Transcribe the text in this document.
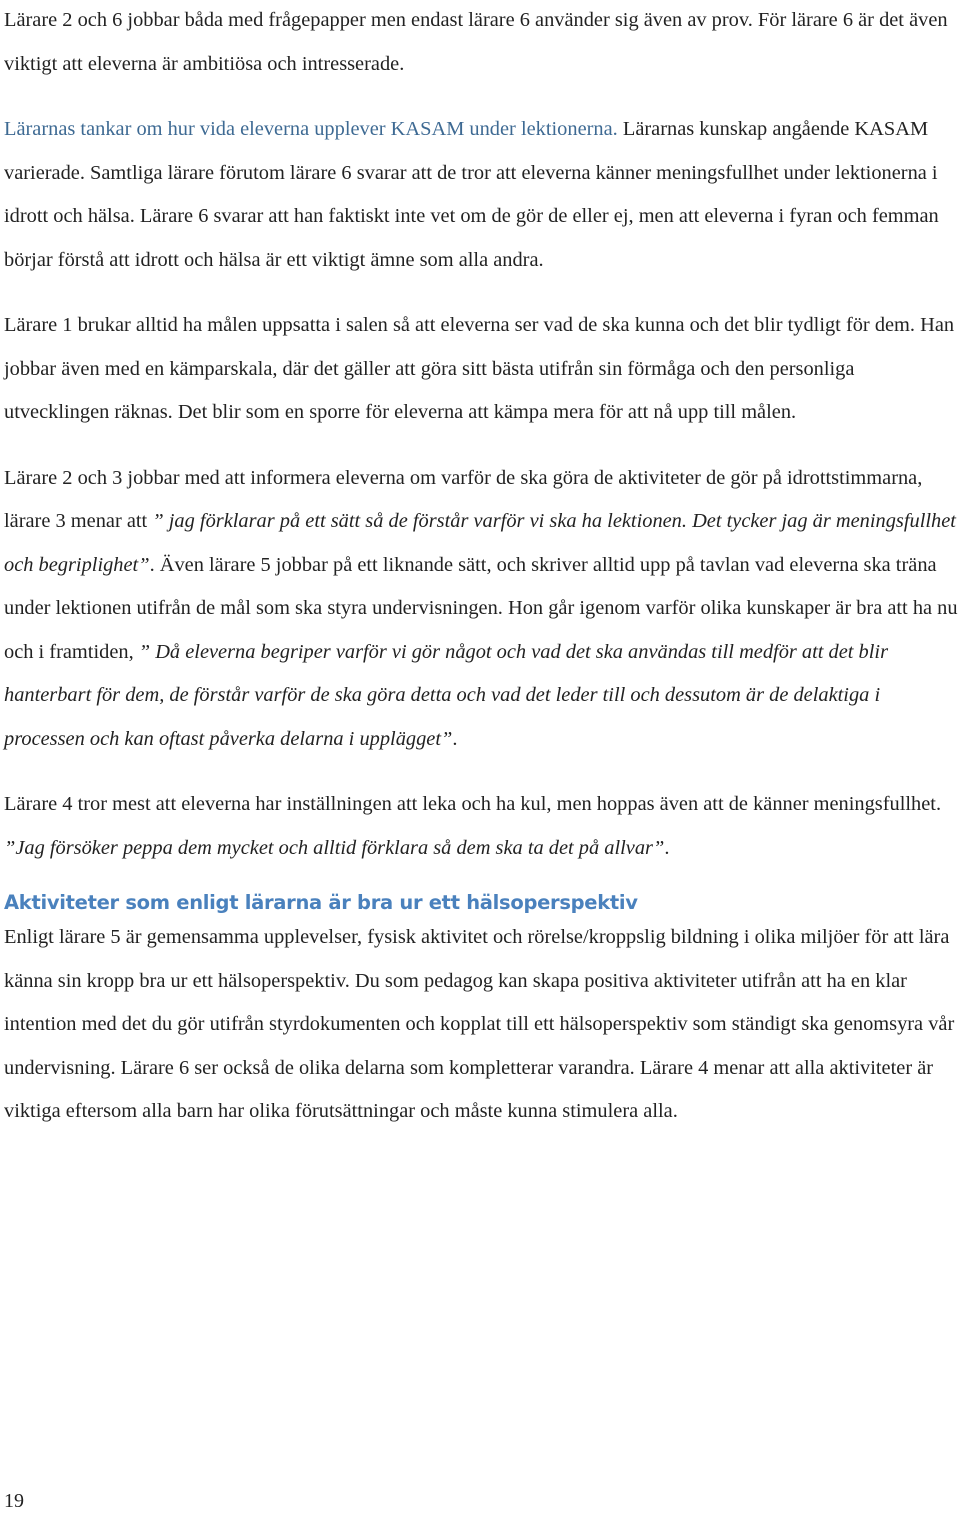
Lärare 2 och 6 jobbar båda med frågepapper men endast lärare 6 använder sig även av prov. För lärare 6 är det även viktigt att eleverna är ambitiösa och intresserade.

Lärarnas tankar om hur vida eleverna upplever KASAM under lektionerna. Lärarnas kunskap angående KASAM varierade. Samtliga lärare förutom lärare 6 svarar att de tror att eleverna känner meningsfullhet under lektionerna i idrott och hälsa. Lärare 6 svarar att han faktiskt inte vet om de gör de eller ej, men att eleverna i fyran och femman börjar förstå att idrott och hälsa är ett viktigt ämne som alla andra.

Lärare 1 brukar alltid ha målen uppsatta i salen så att eleverna ser vad de ska kunna och det blir tydligt för dem. Han jobbar även med en kämparskala, där det gäller att göra sitt bästa utifrån sin förmåga och den personliga utvecklingen räknas. Det blir som en sporre för eleverna att kämpa mera för att nå upp till målen.

Lärare 2 och 3 jobbar med att informera eleverna om varför de ska göra de aktiviteter de gör på idrottstimmarna, lärare 3 menar att ” jag förklarar på ett sätt så de förstår varför vi ska ha lektionen. Det tycker jag är meningsfullhet och begriplighet”. Även lärare 5 jobbar på ett liknande sätt, och skriver alltid upp på tavlan vad eleverna ska träna under lektionen utifrån de mål som ska styra undervisningen. Hon går igenom varför olika kunskaper är bra att ha nu och i framtiden, ” Då eleverna begriper varför vi gör något och vad det ska användas till medför att det blir hanterbart för dem, de förstår varför de ska göra detta och vad det leder till och dessutom är de delaktiga i processen och kan oftast påverka delarna i upplägget”.

Lärare 4 tror mest att eleverna har inställningen att leka och ha kul, men hoppas även att de känner meningsfullhet. ”Jag försöker peppa dem mycket och alltid förklara så dem ska ta det på allvar”.

Aktiviteter som enligt lärarna är bra ur ett hälsoperspektiv

Enligt lärare 5 är gemensamma upplevelser, fysisk aktivitet och rörelse/kroppslig bildning i olika miljöer för att lära känna sin kropp bra ur ett hälsoperspektiv. Du som pedagog kan skapa positiva aktiviteter utifrån att ha en klar intention med det du gör utifrån styrdokumenten och kopplat till ett hälsoperspektiv som ständigt ska genomsyra vår undervisning. Lärare 6 ser också de olika delarna som kompletterar varandra. Lärare 4 menar att alla aktiviteter är viktiga eftersom alla barn har olika förutsättningar och måste kunna stimulera alla.

19
